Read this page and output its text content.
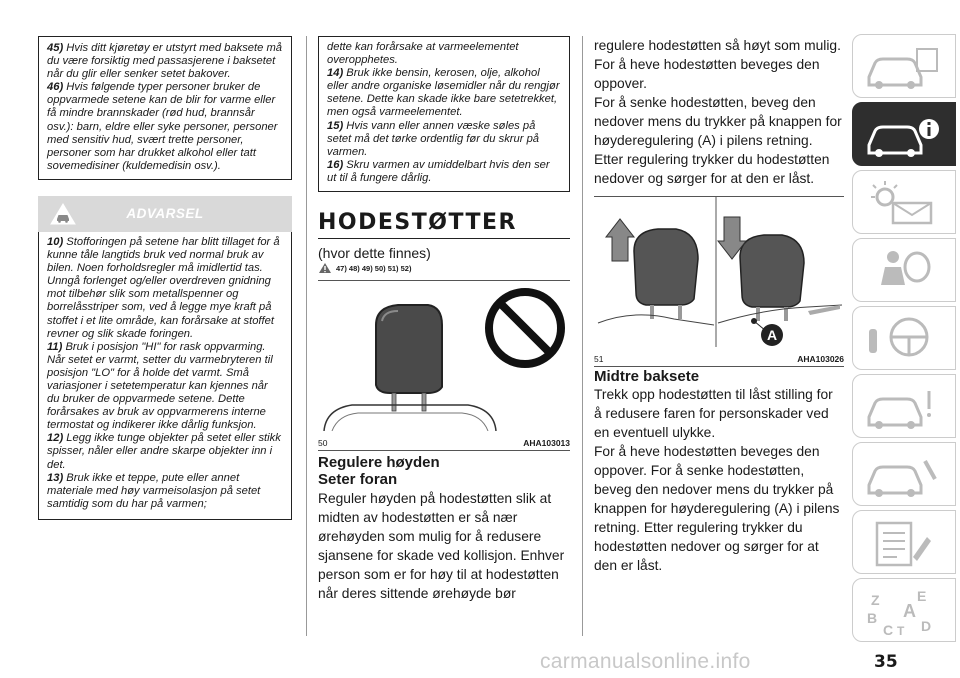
45) Hvis ditt kjøretøy er utstyrt med baksete må du være forsiktig med passasjerene i baksetet når du glir eller senker setet bakover.
46) Hvis følgende typer personer bruker de oppvarmede setene kan de blir for varme eller få mindre brannskader (rød hud, brannsår osv.): barn, eldre eller syke personer, personer med sensitiv hud, svært trette personer, personer som har drukket alkohol eller tatt sovemedisiner (kuldemedisin osv.).
ADVARSEL
10) Stofforingen på setene har blitt tillaget for å kunne tåle langtids bruk ved normal bruk av bilen. Noen forholdsregler må imidlertid tas. Unngå forlenget og/eller overdreven gnidning mot tilbehør slik som metallspenner og borrelåsstriper som, ved å legge mye kraft på stoffet i et lite område, kan forårsake at stoffet revner og slik skade foringen.
11) Bruk i posisjon "HI" for rask oppvarming. Når setet er varmt, setter du varmebryteren til posisjon "LO" for å holde det varmt. Små variasjoner i setetemperatur kan kjennes når du bruker de oppvarmede setene. Dette forårsakes av bruk av oppvarmerens interne termostat og indikerer ikke dårlig funksjon.
12) Legg ikke tunge objekter på setet eller stikk spisser, nåler eller andre skarpe objekter inn i det.
13) Bruk ikke et teppe, pute eller annet materiale med høy varmeisolasjon på setet samtidig som du har på varmen;
dette kan forårsake at varmeelementet overopphetes.
14) Bruk ikke bensin, kerosen, olje, alkohol eller andre organiske løsemidler når du rengjør setene. Dette kan skade ikke bare setetrekket, men også varmeelementet.
15) Hvis vann eller annen væske søles på setet må det tørke ordentlig før du skrur på varmen.
16) Skru varmen av umiddelbart hvis den ser ut til å fungere dårlig.
HODESTØTTER
(hvor dette finnes)
47) 48) 49) 50) 51) 52)
50	AHA103013
Regulere høyden
Seter foran
Reguler høyden på hodestøtten slik at midten av hodestøtten er så nær ørehøyden som mulig for å redusere sjansene for skade ved kollisjon. Enhver person som er for høy til at hodestøtten når deres sittende ørehøyde bør
regulere hodestøtten så høyt som mulig.
For å heve hodestøtten beveges den oppover.
For å senke hodestøtten, beveg den nedover mens du trykker på knappen for høyderegulering (A) i pilens retning. Etter regulering trykker du hodestøtten nedover og sørger for at den er låst.
A
51	AHA103026
Midtre baksete
Trekk opp hodestøtten til låst stilling for å redusere faren for personskader ved en eventuell ulykke.
For å heve hodestøtten beveges den oppover. For å senke hodestøtten, beveg den nedover mens du trykker på knappen for høyderegulering (A) i pilens retning. Etter regulering trykker du hodestøtten nedover og sørger for at den er låst.
Z	E
B A
C T D
carmanualsonline.info	35
